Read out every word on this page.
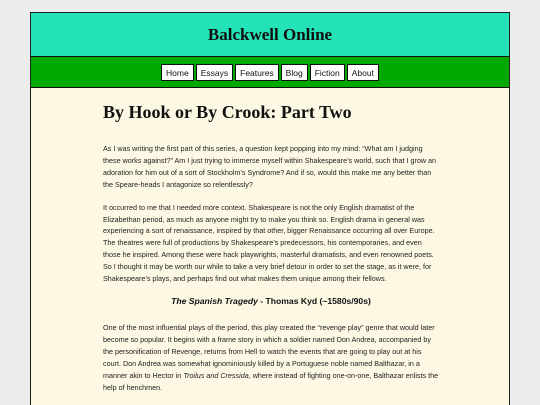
Balckwell Online
Home	Essays	Features	Blog	Fiction	About
By Hook or By Crook: Part Two

As I was writing the first part of this series, a question kept popping into my mind: “What am I judging these works against?” Am I just trying to immerse myself within Shakespeare’s world, such that I grow an adoration for him out of a sort of Stockholm’s Syndrome? And if so, would this make me any better than the Speare-heads I antagonize so relentlessly?

It occurred to me that I needed more context. Shakespeare is not the only English dramatist of the Elizabethan period, as much as anyone might try to make you think so. English drama in general was experiencing a sort of renaissance, inspired by that other, bigger Renaissance occurring all over Europe. The theatres were full of productions by Shakespeare’s predecessors, his contemporaries, and even those he inspired. Among these were hack playwrights, masterful dramatists, and even renowned poets. So I thought it may be worth our while to take a very brief detour in order to set the stage, as it were, for Shakespeare’s plays, and perhaps find out what makes them unique among their fellows.

The Spanish Tragedy - Thomas Kyd (~1580s/90s)

One of the most influential plays of the period, this play created the “revenge play” genre that would later become so popular. It begins with a frame story in which a soldier named Don Andrea, accompanied by the personification of Revenge, returns from Hell to watch the events that are going to play out at his court. Don Andrea was somewhat ignominiously killed by a Portuguese noble named Balthazar, in a manner akin to Hector in Troilus and Cressida, where instead of fighting one-on-one, Balthazar enlists the help of henchmen.
